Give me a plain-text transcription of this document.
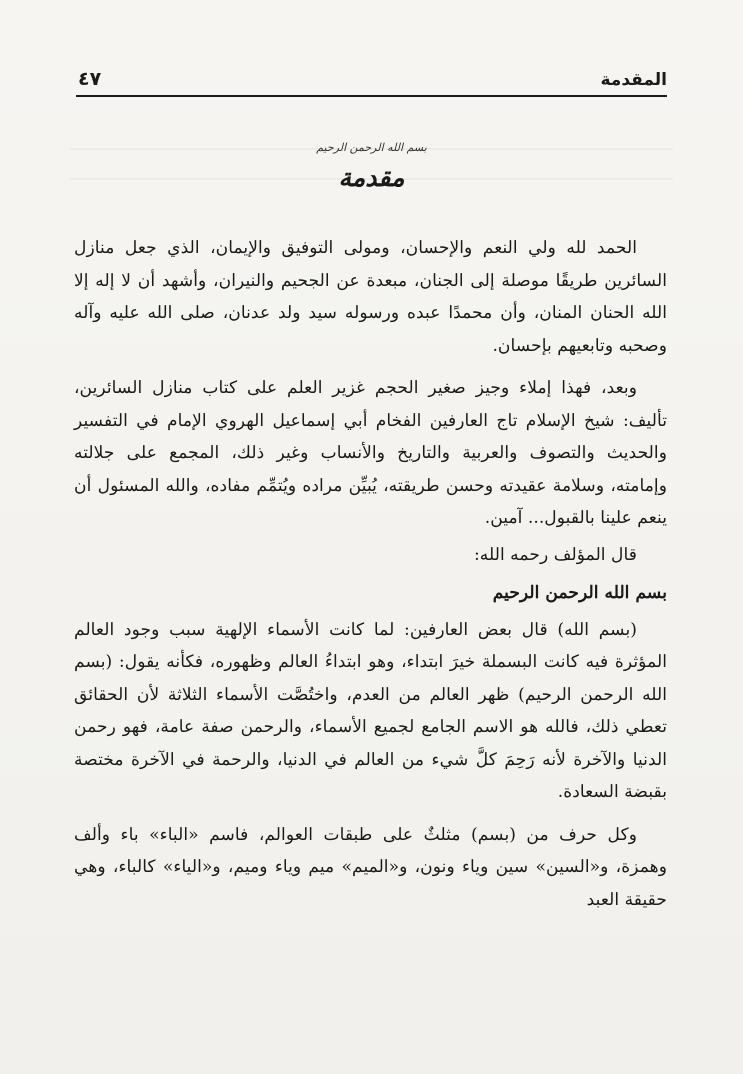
المقدمة
٤٧
بسم الله الرحمن الرحيم
مقدمة

الحمد لله ولي النعم والإحسان، ومولى التوفيق والإيمان، الذي جعل منازل السائرين طريقًا موصلة إلى الجنان، مبعدة عن الجحيم والنيران، وأشهد أن لا إله إلا الله الحنان المنان، وأن محمدًا عبده ورسوله سيد ولد عدنان، صلى الله عليه وآله وصحبه وتابعيهم بإحسان.

وبعد، فهذا إملاء وجيز صغير الحجم غزير العلم على كتاب منازل السائرين، تأليف: شيخ الإسلام تاج العارفين الفخام أبي إسماعيل الهروي الإمام في التفسير والحديث والتصوف والعربية والتاريخ والأنساب وغير ذلك، المجمع على جلالته وإمامته، وسلامة عقيدته وحسن طريقته، يُبيِّن مراده ويُتمِّم مفاده، والله المسئول أن ينعم علينا بالقبول... آمين.

قال المؤلف رحمه الله:

بسم الله الرحمن الرحيم

(بسم الله) قال بعض العارفين: لما كانت الأسماء الإلهية سبب وجود العالم المؤثرة فيه كانت البسملة خيرَ ابتداء، وهو ابتداءُ العالم وظهوره، فكأنه يقول: (بسم الله الرحمن الرحيم) ظهر العالم من العدم، واختُصَّت الأسماء الثلاثة لأن الحقائق تعطي ذلك، فالله هو الاسم الجامع لجميع الأسماء، والرحمن صفة عامة، فهو رحمن الدنيا والآخرة لأنه رَحِمَ كلَّ شيء من العالم في الدنيا، والرحمة في الآخرة مختصة بقبضة السعادة.

وكل حرف من (بسم) مثلثٌ على طبقات العوالم، فاسم «الباء» باء وألف وهمزة، و«السين» سين وياء ونون، و«الميم» ميم وياء وميم، و«الياء» كالباء، وهي حقيقة العبد
